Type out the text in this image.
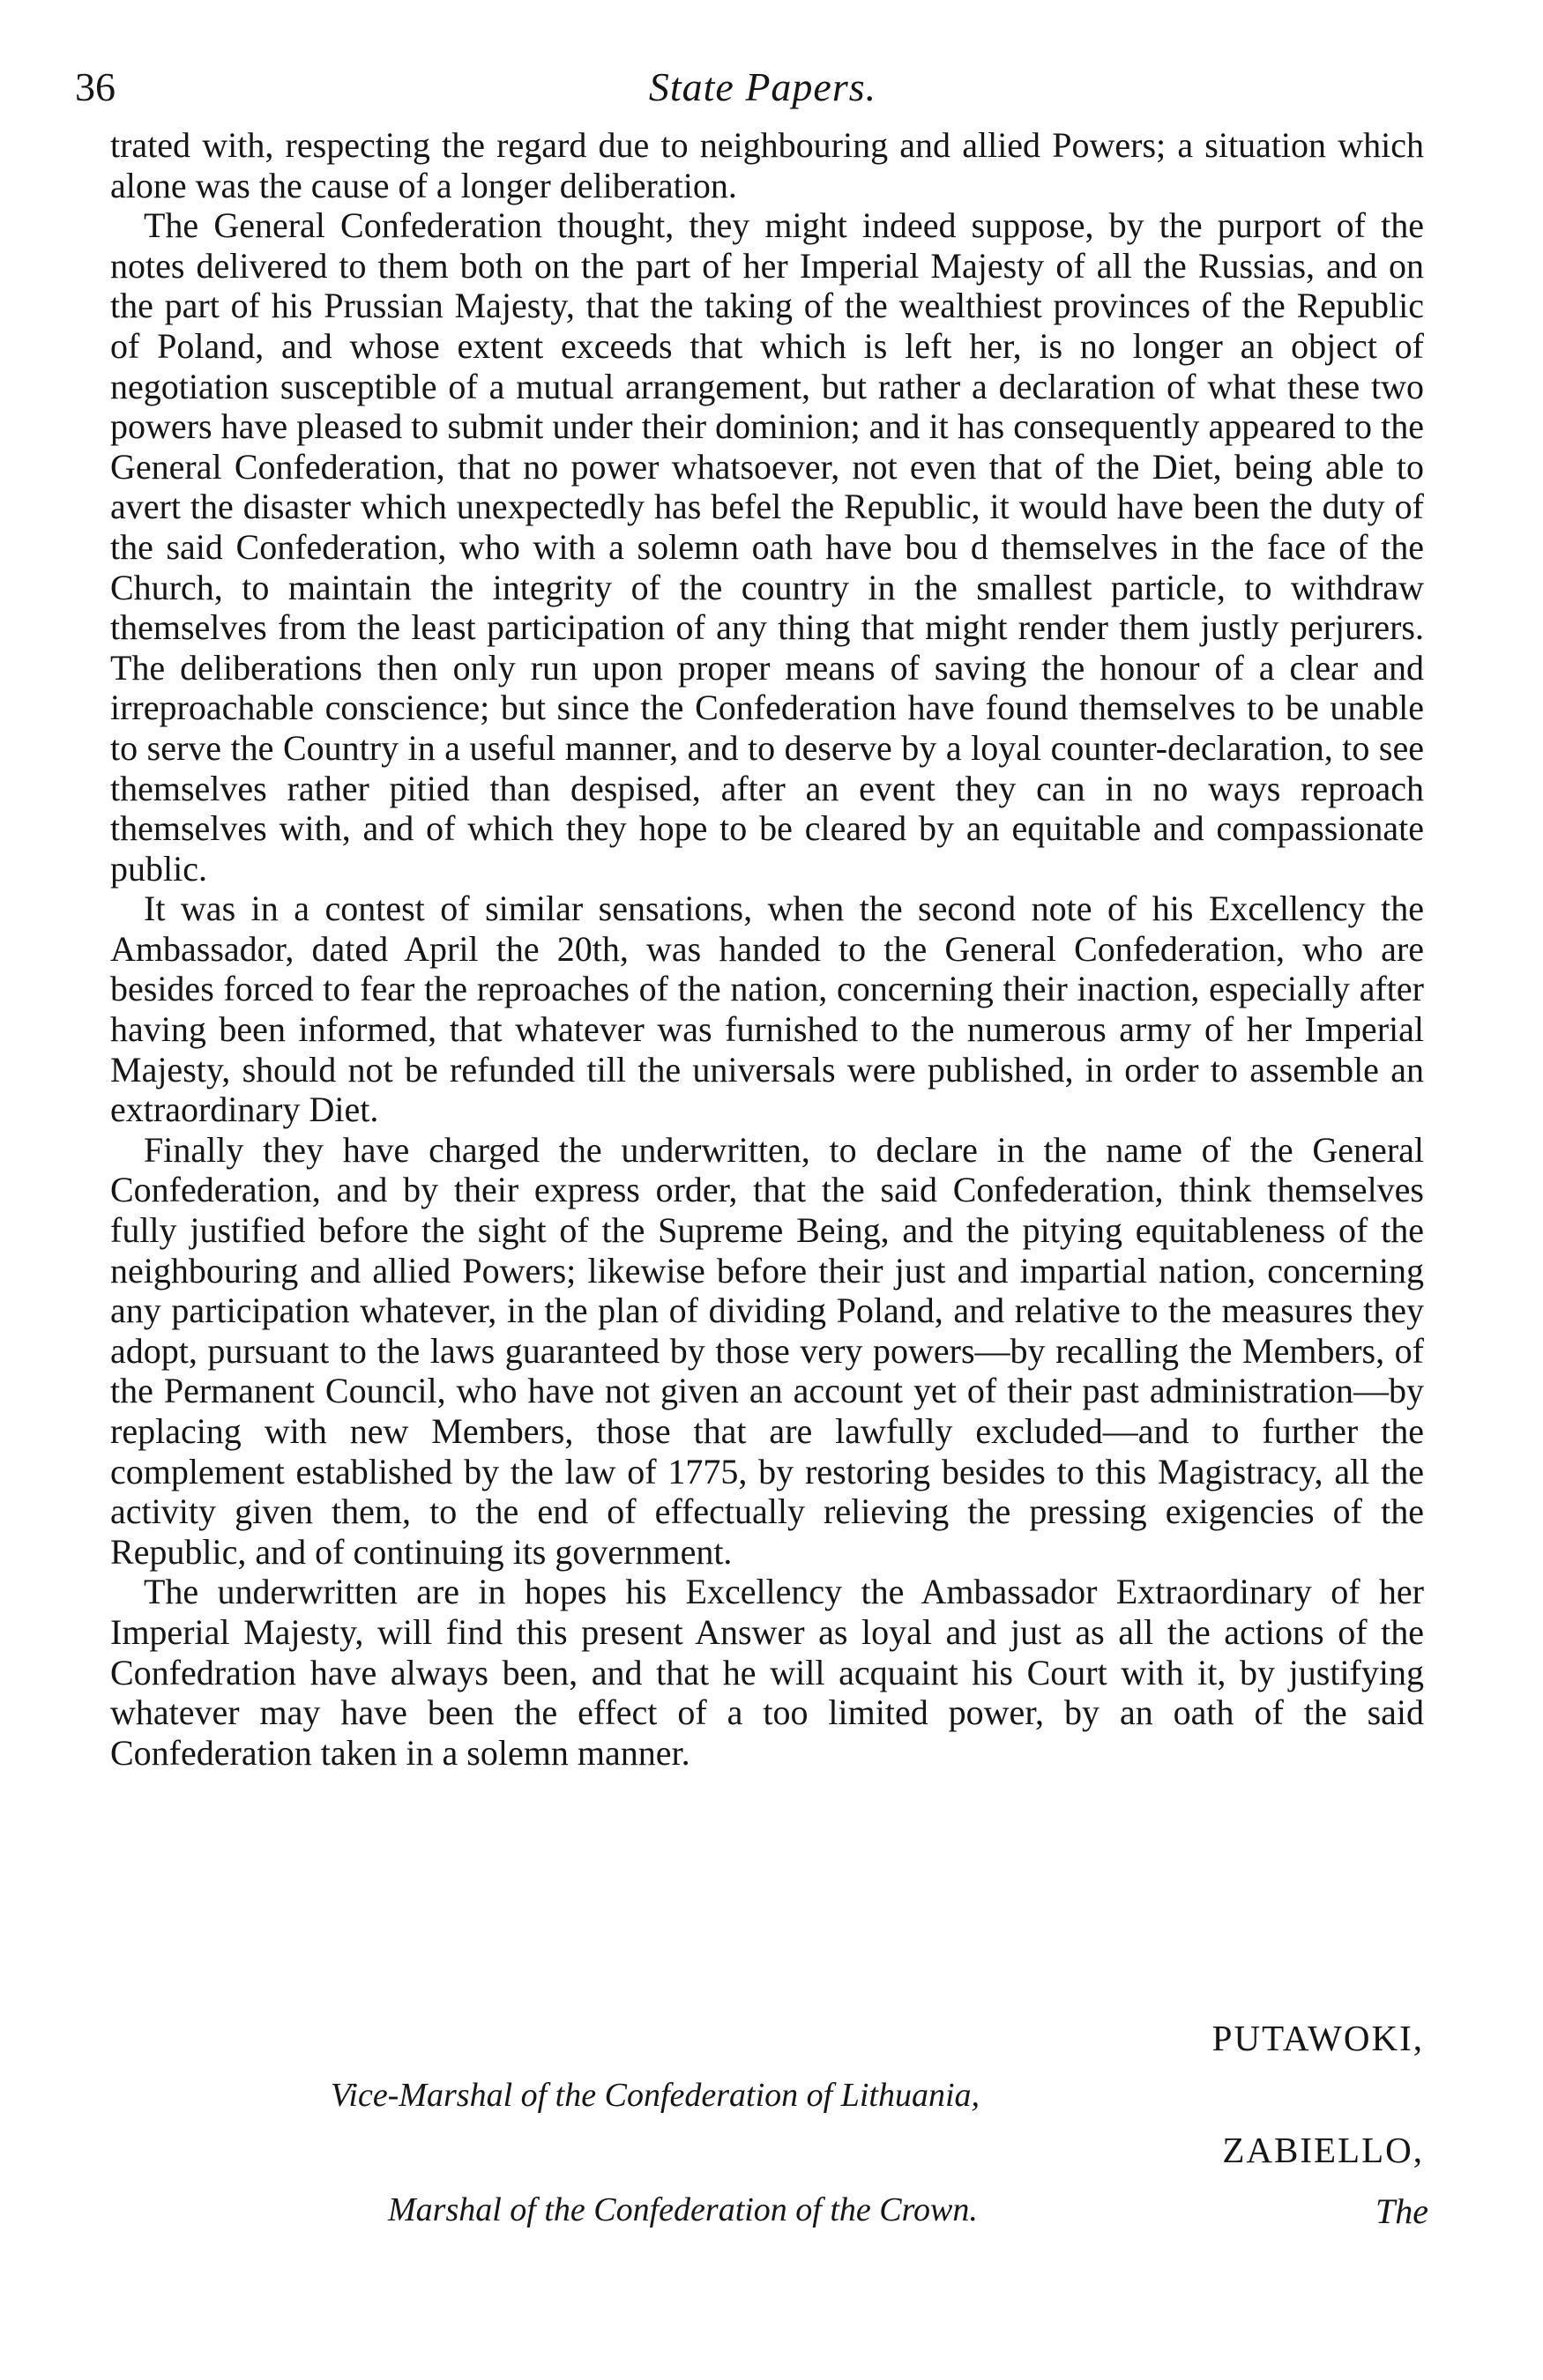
36	State Papers.

trated with, respecting the regard due to neighbouring and allied Powers; a situation which alone was the cause of a longer deliberation.

The General Confederation thought, they might indeed suppose, by the purport of the notes delivered to them both on the part of her Imperial Majesty of all the Russias, and on the part of his Prussian Majesty, that the taking of the wealthiest provinces of the Republic of Poland, and whose extent exceeds that which is left her, is no longer an object of negotiation susceptible of a mutual arrangement, but rather a declaration of what these two powers have pleased to submit under their dominion; and it has consequently appeared to the General Confederation, that no power whatsoever, not even that of the Diet, being able to avert the disaster which unexpectedly has befel the Republic, it would have been the duty of the said Confederation, who with a solemn oath have bou d themselves in the face of the Church, to maintain the integrity of the country in the smallest particle, to withdraw themselves from the least participation of any thing that might render them justly perjurers. The deliberations then only run upon proper means of saving the honour of a clear and irreproachable conscience; but since the Confederation have found themselves to be unable to serve the Country in a useful manner, and to deserve by a loyal counter-declaration, to see themselves rather pitied than despised, after an event they can in no ways reproach themselves with, and of which they hope to be cleared by an equitable and compassionate public.

It was in a contest of similar sensations, when the second note of his Excellency the Ambassador, dated April the 20th, was handed to the General Confederation, who are besides forced to fear the reproaches of the nation, concerning their inaction, especially after having been informed, that whatever was furnished to the numerous army of her Imperial Majesty, should not be refunded till the universals were published, in order to assemble an extraordinary Diet.

Finally they have charged the underwritten, to declare in the name of the General Confederation, and by their express order, that the said Confederation, think themselves fully justified before the sight of the Supreme Being, and the pitying equitableness of the neighbouring and allied Powers; likewise before their just and impartial nation, concerning any participation whatever, in the plan of dividing Poland, and relative to the measures they adopt, pursuant to the laws guaranteed by those very powers—by recalling the Members, of the Permanent Council, who have not given an account yet of their past administration—by replacing with new Members, those that are lawfully excluded—and to further the complement established by the law of 1775, by restoring besides to this Magistracy, all the activity given them, to the end of effectually relieving the pressing exigencies of the Republic, and of continuing its government.

The underwritten are in hopes his Excellency the Ambassador Extraordinary of her Imperial Majesty, will find this present Answer as loyal and just as all the actions of the Confedration have always been, and that he will acquaint his Court with it, by justifying whatever may have been the effect of a too limited power, by an oath of the said Confederation taken in a solemn manner.

PUTAWOKI,
Vice-Marshal of the Confederation of Lithuania,
ZABIELLO,
Marshal of the Confederation of the Crown.	The
